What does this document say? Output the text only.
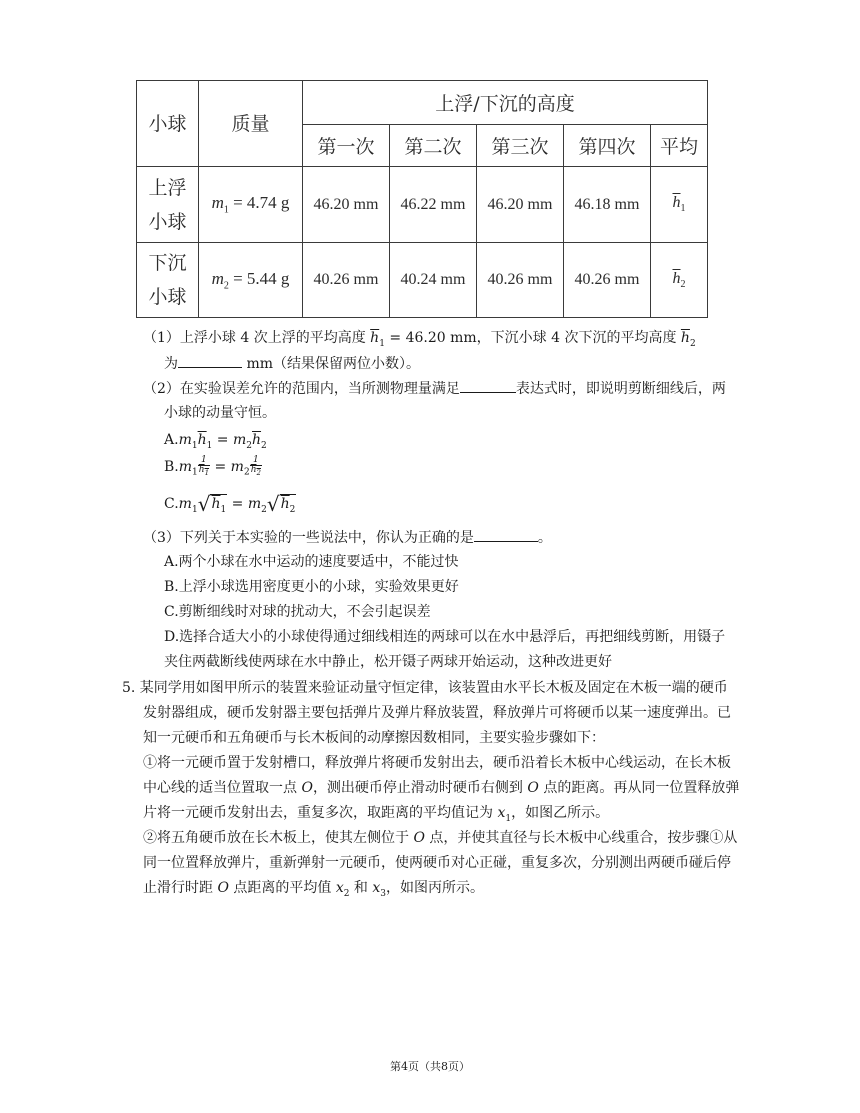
小球	质量	上浮/下沉的高度				
		第一次	第二次	第三次	第四次	平均
上浮
小球	$m_1 = 4.74$ g	46.20 mm	46.22 mm	46.20 mm	46.18 mm	$\overline{h}_1$
下沉
小球	$m_2 = 5.44$ g	40.26 mm	40.24 mm	40.26 mm	40.26 mm	$\overline{h}_2$
（1）上浮小球 4 次上浮的平均高度 $\overline{h}_1 = 46.20$ mm，下沉小球 4 次下沉的平均高度 $\overline{h}_2$
为	mm（结果保留两位小数）。
（2）在实验误差允许的范围内，当所测物理量满足	表达式时，即说明剪断细线后，两
小球的动量守恒。
$A.m_1\overline{h}_1 = m_2\overline{h}_2$
$B.m_1 \frac{1}{h_1} = m_2 \frac{1}{h_2}$
$C.m_1√h_1 = m_2√h_2$
（3）下列关于本实验的一些说法中，你认为正确的是	。
A.两个小球在水中运动的速度要适中，不能过快
B.上浮小球选用密度更小的小球，实验效果更好
C.剪断细线时对球的扰动大，不会引起误差
D.选择合适大小的小球使得通过细线相连的两球可以在水中悬浮后，再把细线剪断，用镊子
夹住两截断线使两球在水中静止，松开镊子两球开始运动，这种改进更好
5. 某同学用如图甲所示的装置来验证动量守恒定律，该装置由水平长木板及固定在木板一端的硬币
发射器组成，硬币发射器主要包括弹片及弹片释放装置，释放弹片可将硬币以某一速度弹出。已
知一元硬币和五角硬币与长木板间的动摩擦因数相同，主要实验步骤如下：
①将一元硬币置于发射槽口，释放弹片将硬币发射出去，硬币沿着长木板中心线运动，在长木板
中心线的适当位置取一点 O，测出硬币停止滑动时硬币右侧到 O 点的距离。再从同一位置释放弹
片将一元硬币发射出去，重复多次，取距离的平均值记为 $x_1$，如图乙所示。
②将五角硬币放在长木板上，使其左侧位于 O 点，并使其直径与长木板中心线重合，按步骤①从
同一位置释放弹片，重新弹射一元硬币，使两硬币对心正碰，重复多次，分别测出两硬币碰后停
止滑行时距 O 点距离的平均值 $x_2$ 和 $x_3$，如图丙所示。
第4页（共8页）
